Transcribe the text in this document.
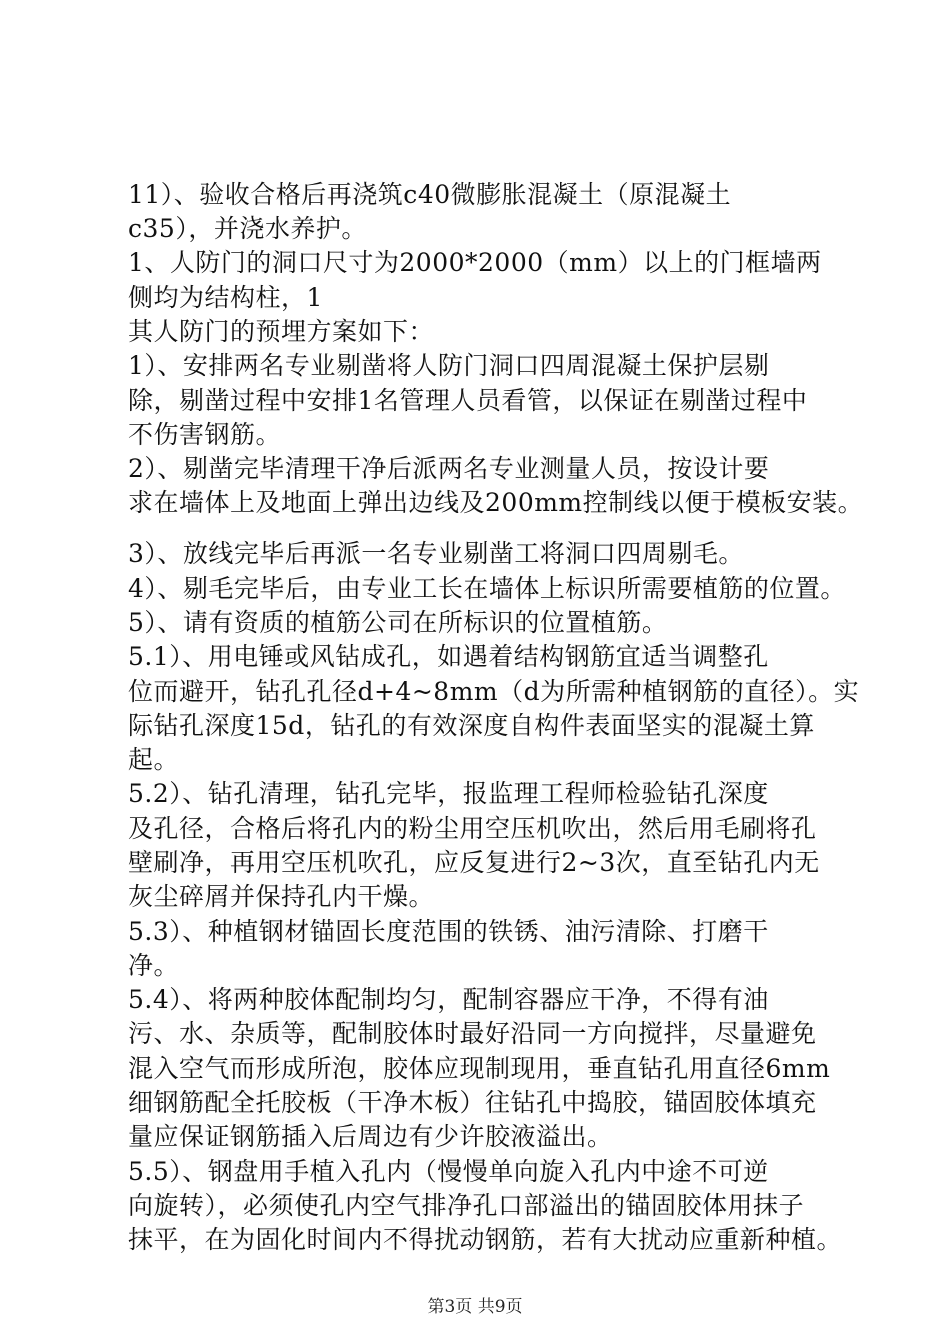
11）、验收合格后再浇筑c40微膨胀混凝土（原混凝土
c35），并浇水养护。
1、人防门的洞口尺寸为2000*2000（mm）以上的门框墙两
侧均为结构柱，1
其人防门的预埋方案如下：
1）、安排两名专业剔凿将人防门洞口四周混凝土保护层剔
除，剔凿过程中安排1名管理人员看管，以保证在剔凿过程中
不伤害钢筋。
2）、剔凿完毕清理干净后派两名专业测量人员，按设计要
求在墙体上及地面上弹出边线及200mm控制线以便于模板安装。
3）、放线完毕后再派一名专业剔凿工将洞口四周剔毛。
4）、剔毛完毕后，由专业工长在墙体上标识所需要植筋的位置。
5）、请有资质的植筋公司在所标识的位置植筋。
5.1）、用电锤或风钻成孔，如遇着结构钢筋宜适当调整孔
位而避开，钻孔孔径d+4~8mm（d为所需种植钢筋的直径）。实
际钻孔深度15d，钻孔的有效深度自构件表面坚实的混凝土算
起。
5.2）、钻孔清理，钻孔完毕，报监理工程师检验钻孔深度
及孔径，合格后将孔内的粉尘用空压机吹出，然后用毛刷将孔
壁刷净，再用空压机吹孔，应反复进行2~3次，直至钻孔内无
灰尘碎屑并保持孔内干燥。
5.3）、种植钢材锚固长度范围的铁锈、油污清除、打磨干
净。
5.4）、将两种胶体配制均匀，配制容器应干净，不得有油
污、水、杂质等，配制胶体时最好沿同一方向搅拌，尽量避免
混入空气而形成所泡，胶体应现制现用，垂直钻孔用直径6mm
细钢筋配全托胶板（干净木板）往钻孔中捣胶，锚固胶体填充
量应保证钢筋插入后周边有少许胶液溢出。
5.5）、钢盘用手植入孔内（慢慢单向旋入孔内中途不可逆
向旋转），必须使孔内空气排净孔口部溢出的锚固胶体用抹子
抹平，在为固化时间内不得扰动钢筋，若有大扰动应重新种植。
第3页 共9页
